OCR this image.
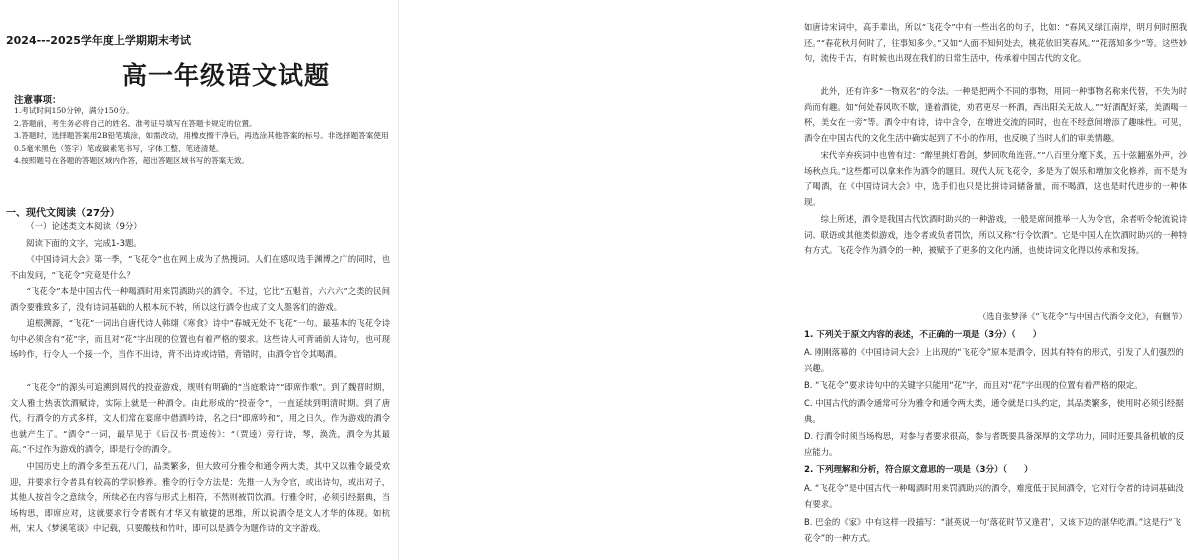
2024---2025学年度上学期期末考试
高一年级语文试题
注意事项：
1.考试时间150分钟，满分150分。
2.答题前，考生务必将自己的姓名、准考证号填写在答题卡规定的位置。
3.答题时，选择题答案用2B铅笔填涂，如需改动，用橡皮擦干净后，再选涂其他答案的标号。非选择题答案使用0.5毫米黑色（签字）笔或碳素笔书写，字体工整、笔迹清楚。
4.按照题号在各题的答题区域内作答，超出答题区域书写的答案无效。
一、现代文阅读（27分）
（一）论述类文本阅读（9分）
阅读下面的文字，完成1-3题。

《中国诗词大会》第一季，“飞花令”也在网上成为了热搜词。人们在感叹选手渊博之广的同时，也不由发问，“飞花令”究竟是什么？

“飞花令”本是中国古代一种喝酒时用来罚酒助兴的酒令。不过，它比“五魁首，六六六”之类的民间酒令要雅致多了，没有诗词基础的人根本玩不转，所以这行酒令也成了文人墨客们的游戏。

追根溯源，“飞花”一词出自唐代诗人韩翃《寒食》诗中“春城无处不飞花”一句。最基本的飞花令诗句中必须含有“花”字，而且对“花”字出现的位置也有着严格的要求。这些诗人可背诵前人诗句，也可现场吟作，行令人一个接一个，当作不出诗，背不出诗或诗错，背错时，由酒令官令其喝酒。

“飞花令”的源头可追溯到周代的投壶游戏，规则有明确的“当庭歌诗”“即席作歌”。到了魏晋时期，文人雅士热衷饮酒赋诗，实际上就是一种酒令。由此形成的“投壶令”，一直延续到明清时期。到了唐代，行酒令的方式多样，文人们常在宴席中借酒吟诗，名之曰“即席吟和”，用之日久，作为游戏的酒令也就产生了。“酒令”一词，最早见于《后汉书·贾逵传》：“（贾逵）旁行诗，琴，涣洗，酒令为其最高。”不过作为游戏的酒令，即是行令的酒令。

中国历史上的酒令多至五花八门，品类繁多，但大致可分雅令和通令两大类，其中又以雅令最受欢迎，并要求行令者具有较高的学识修养。雅令的行令方法是：先推一人为令官，或出诗句，或出对子，其他人按首令之意续令，所续必在内容与形式上相符，不然则被罚饮酒。行雅令时，必须引经据典，当场构思，即席应对，这就要求行令者既有才华又有敏捷的思维，所以说酒令是文人才华的体现。如杭州，宋人《梦溪笔谈》中记载，只要酸枝和竹叶，即可以是酒令为题作诗的文字游戏。

如唐诗宋词中，高手辈出，所以“飞花令”中有一些出名的句子，比如：“春风又绿江南岸，明月何时照我还。”“春花秋月何时了，往事知多少。”又如“人面不知何处去，桃花依旧笑春风。”“花落知多少”等。这些妙句，流传千古，有时候也出现在我们的日常生活中，传承着中国古代的文化。

此外，还有许多“一物双名”的令法。一种是把两个不同的事物，用同一种事物名称来代替，不失为时尚而有趣。如“何处春风吹不歇，逢着酒徒，劝君更尽一杯酒，西出阳关无故人。”“好酒配好菜，美酒喝一杯，美女在一旁”等。酒令中有诗，诗中含令，在增进交流的同时，也在不经意间增添了趣味性。可见，酒令在中国古代的文化生活中确实起到了不小的作用，也反映了当时人们的审美情趣。

宋代辛弃疾词中也曾有过：“醉里挑灯看剑，梦回吹角连营。”“八百里分麾下炙，五十弦翻塞外声，沙场秋点兵。”这些都可以拿来作为酒令的题目。现代人玩飞花令，多是为了娱乐和增加文化修养，而不是为了喝酒，在《中国诗词大会》中，选手们也只是比拼诗词储备量，而不喝酒，这也是时代进步的一种体现。

综上所述，酒令是我国古代饮酒时助兴的一种游戏，一般是席间推举一人为令官，余者听令轮流说诗词、联语或其他类似游戏，违令者或负者罚饮，所以又称“行令饮酒”。它是中国人在饮酒时助兴的一种特有方式。飞花令作为酒令的一种，被赋予了更多的文化内涵，也使诗词文化得以传承和发扬。

（选自张梦泽《“飞花令”与中国古代酒令文化》，有删节）
1. 下列关于原文内容的表述，不正确的一项是（3分）（　　）

A. 刚刚落幕的《中国诗词大会》上出现的“飞花令”原本是酒令，因其有特有的形式，引发了人们强烈的兴趣。

B. “飞花令”要求诗句中的关键字只能用“花”字，而且对“花”字出现的位置有着严格的限定。

C. 中国古代的酒令通常可分为雅令和通令两大类，通令就是口头约定，其品类繁多，使用时必须引经据典。

D. 行酒令时须当场构思，对参与者要求很高，参与者既要具备深厚的文学功力，同时还要具备机敏的反应能力。

2. 下列理解和分析，符合原文意思的一项是（3分）（　　）

A. “飞花令”是中国古代一种喝酒时用来罚酒助兴的酒令，难度低于民间酒令，它对行令者的诗词基础没有要求。

B. 巴金的《家》中有这样一段描写：“湛英说一句‘落花时节又逢君’，又该下边的湛华吃酒。”这是行“飞花令”的一种方式。
